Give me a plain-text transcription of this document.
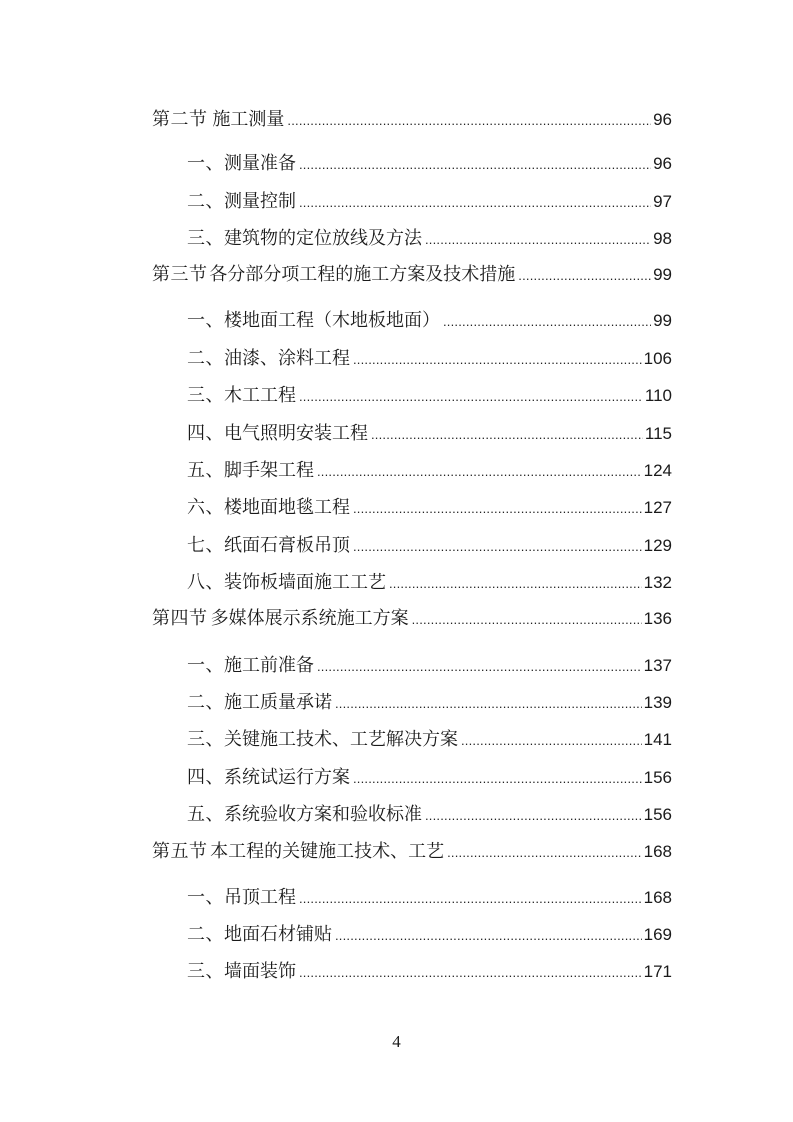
第二节 施工测量 .....	96
一、 测量准备 .....	96
二、 测量控制 .....	97
三、 建筑物的定位放线及方法 .....	98
第三节 各分部分项工程的施工方案及技术措施 .....	99
一、 楼地面工程（木地板地面） .....	99
二、 油漆、涂料工程 .....	106
三、 木工工程 .....	110
四、 电气照明安装工程 .....	115
五、 脚手架工程 .....	124
六、 楼地面地毯工程 .....	127
七、 纸面石膏板吊顶 .....	129
八、 装饰板墙面施工工艺 .....	132
第四节 多媒体展示系统施工方案 .....	136
一、 施工前准备 .....	137
二、 施工质量承诺 .....	139
三、 关键施工技术、工艺解决方案 .....	141
四、 系统试运行方案 .....	156
五、 系统验收方案和验收标准 .....	156
第五节 本工程的关键施工技术、工艺 .....	168
一、 吊顶工程 .....	168
二、 地面石材铺贴 .....	169
三、 墙面装饰 .....	171
4
